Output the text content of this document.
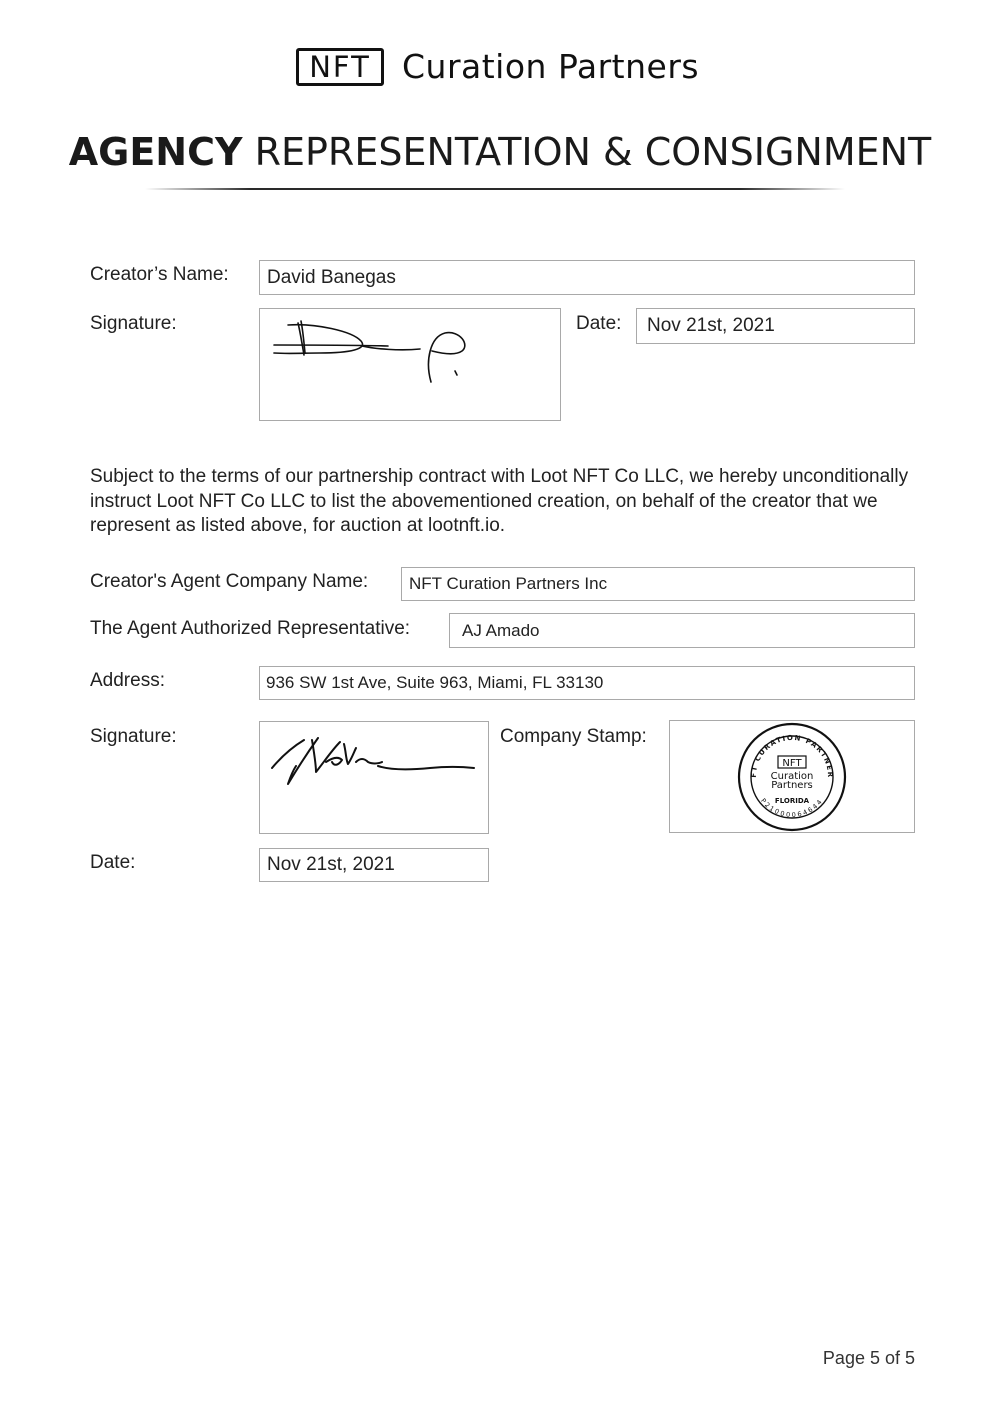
NFT Curation Partners
AGENCY REPRESENTATION & CONSIGNMENT
Creator’s Name:	David Banegas
Signature:	Date:	Nov 21st, 2021

Subject to the terms of our partnership contract with Loot NFT Co LLC, we hereby unconditionally instruct Loot NFT Co LLC to list the abovementioned creation, on behalf of the creator that we represent as listed above, for auction at lootnft.io.

Creator's Agent Company Name:	NFT Curation Partners Inc
The Agent Authorized Representative:	AJ Amado
Address:	936 SW 1st Ave, Suite 963, Miami, FL 33130
Signature:	Company Stamp:
FT CURATION PARTNER
P21000064644
NFT
Curation
Partners
FLORIDA
Date:	Nov 21st, 2021
Page 5 of 5
